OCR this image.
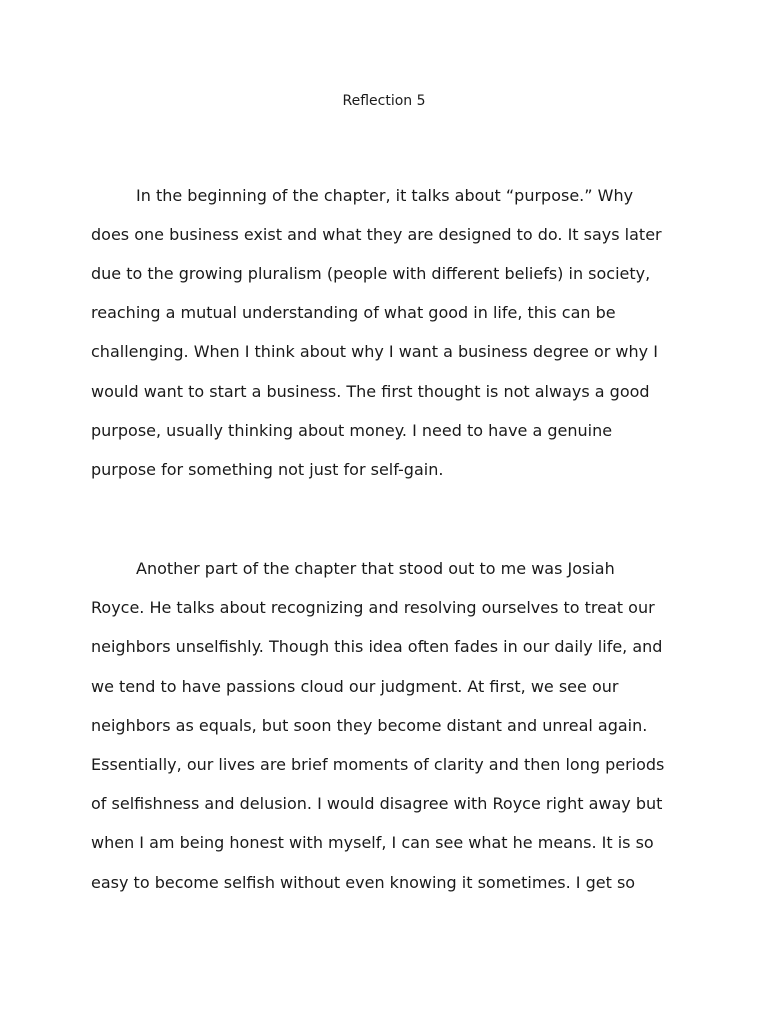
Reflection 5
In the beginning of the chapter, it talks about “purpose.” Why
does one business exist and what they are designed to do. It says later
due to the growing pluralism (people with different beliefs) in society,
reaching a mutual understanding of what good in life, this can be
challenging. When I think about why I want a business degree or why I
would want to start a business. The first thought is not always a good
purpose, usually thinking about money. I need to have a genuine
purpose for something not just for self-gain.
Another part of the chapter that stood out to me was Josiah
Royce. He talks about recognizing and resolving ourselves to treat our
neighbors unselfishly. Though this idea often fades in our daily life, and
we tend to have passions cloud our judgment. At first, we see our
neighbors as equals, but soon they become distant and unreal again.
Essentially, our lives are brief moments of clarity and then long periods
of selfishness and delusion. I would disagree with Royce right away but
when I am being honest with myself, I can see what he means. It is so
easy to become selfish without even knowing it sometimes. I get so
